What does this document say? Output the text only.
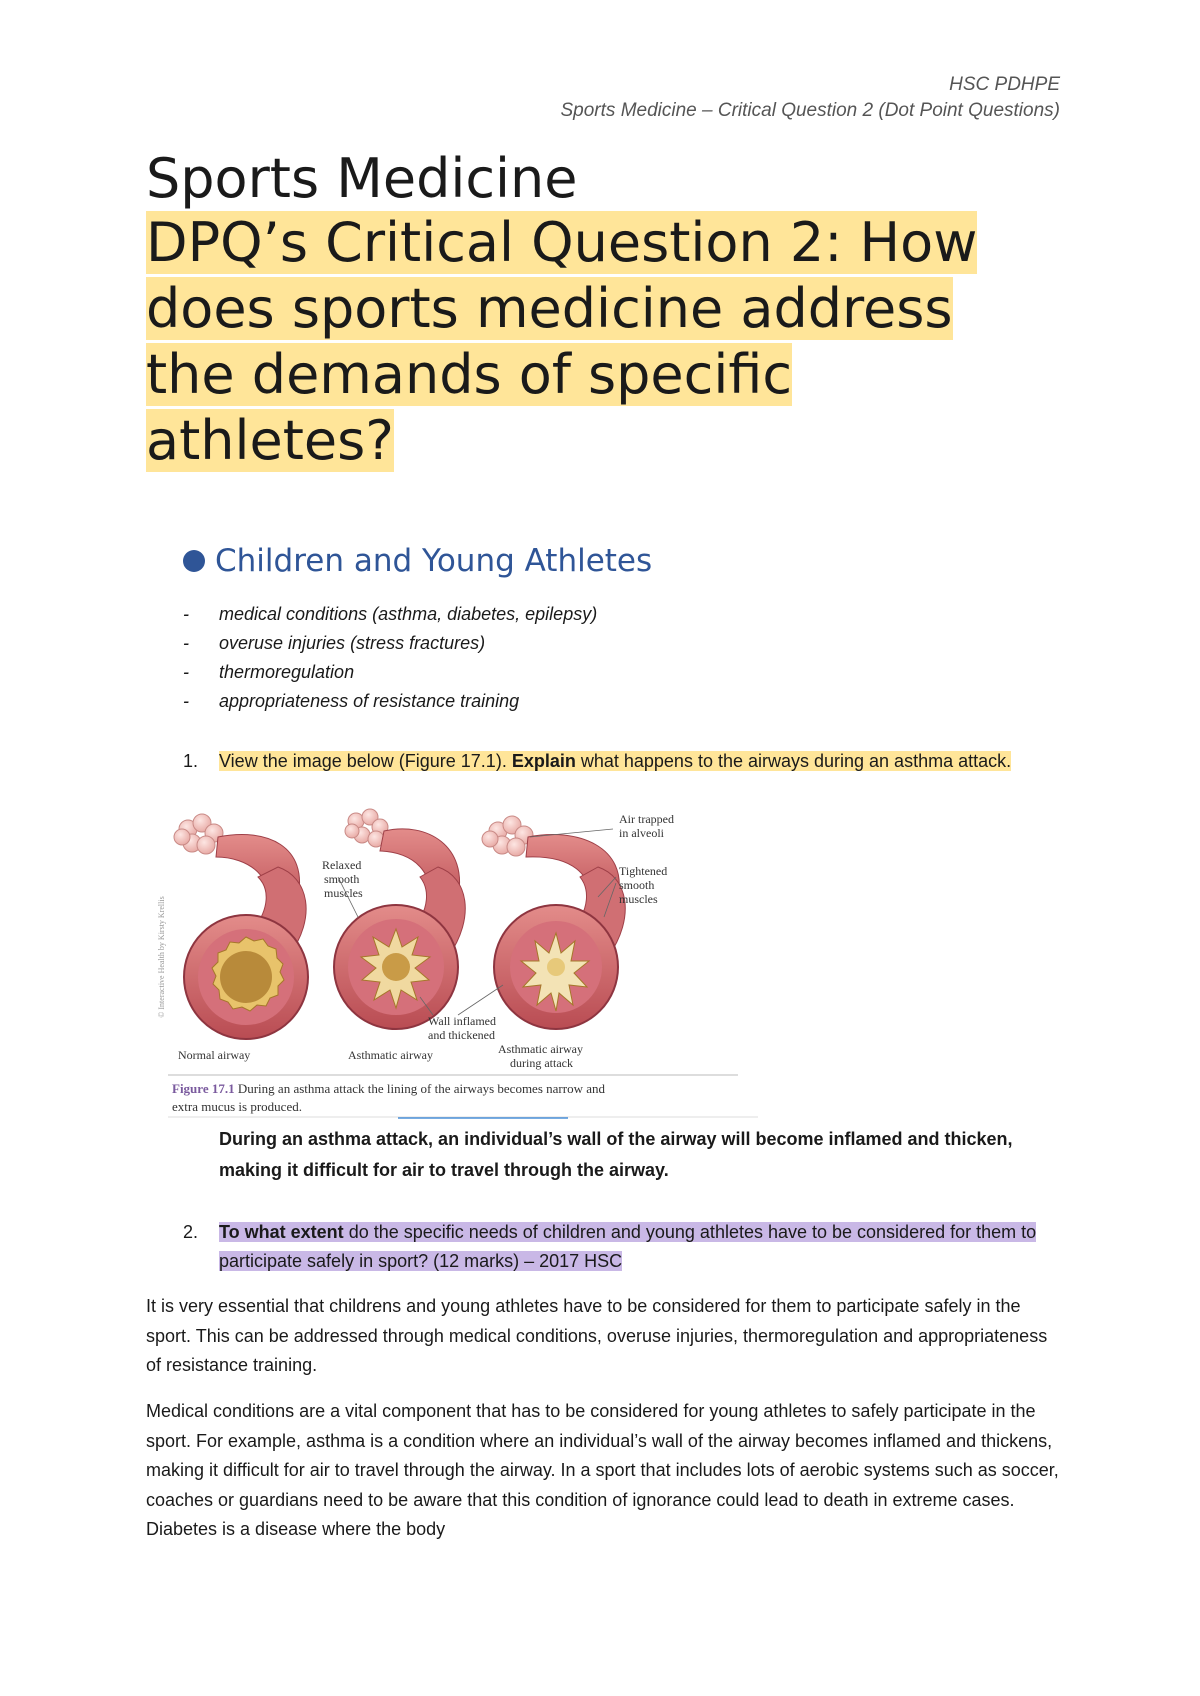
HSC PDHPE
Sports Medicine – Critical Question 2 (Dot Point Questions)
Sports Medicine
DPQ’s Critical Question 2: How does sports medicine address the demands of specific athletes?
Children and Young Athletes
- medical conditions (asthma, diabetes, epilepsy)
- overuse injuries (stress fractures)
- thermoregulation
- appropriateness of resistance training
1. View the image below (Figure 17.1). Explain what happens to the airways during an asthma attack.
© Interactive Health by Kirsty Krellis
Air trapped
in alveoli
Relaxed
smooth
muscles
Tightened
smooth
muscles
Wall inflamed
and thickened
Normal airway	Asthmatic airway	Asthmatic airway
during attack
Figure 17.1 During an asthma attack the lining of the airways becomes narrow and
extra mucus is produced.
During an asthma attack, an individual’s wall of the airway will become inflamed and thicken, making it difficult for air to travel through the airway.
2. To what extent do the specific needs of children and young athletes have to be considered for them to participate safely in sport? (12 marks) – 2017 HSC

It is very essential that childrens and young athletes have to be considered for them to participate safely in the sport. This can be addressed through medical conditions, overuse injuries, thermoregulation and appropriateness of resistance training.

Medical conditions are a vital component that has to be considered for young athletes to safely participate in the sport. For example, asthma is a condition where an individual’s wall of the airway becomes inflamed and thickens, making it difficult for air to travel through the airway. In a sport that includes lots of aerobic systems such as soccer, coaches or guardians need to be aware that this condition of ignorance could lead to death in extreme cases. Diabetes is a disease where the body
